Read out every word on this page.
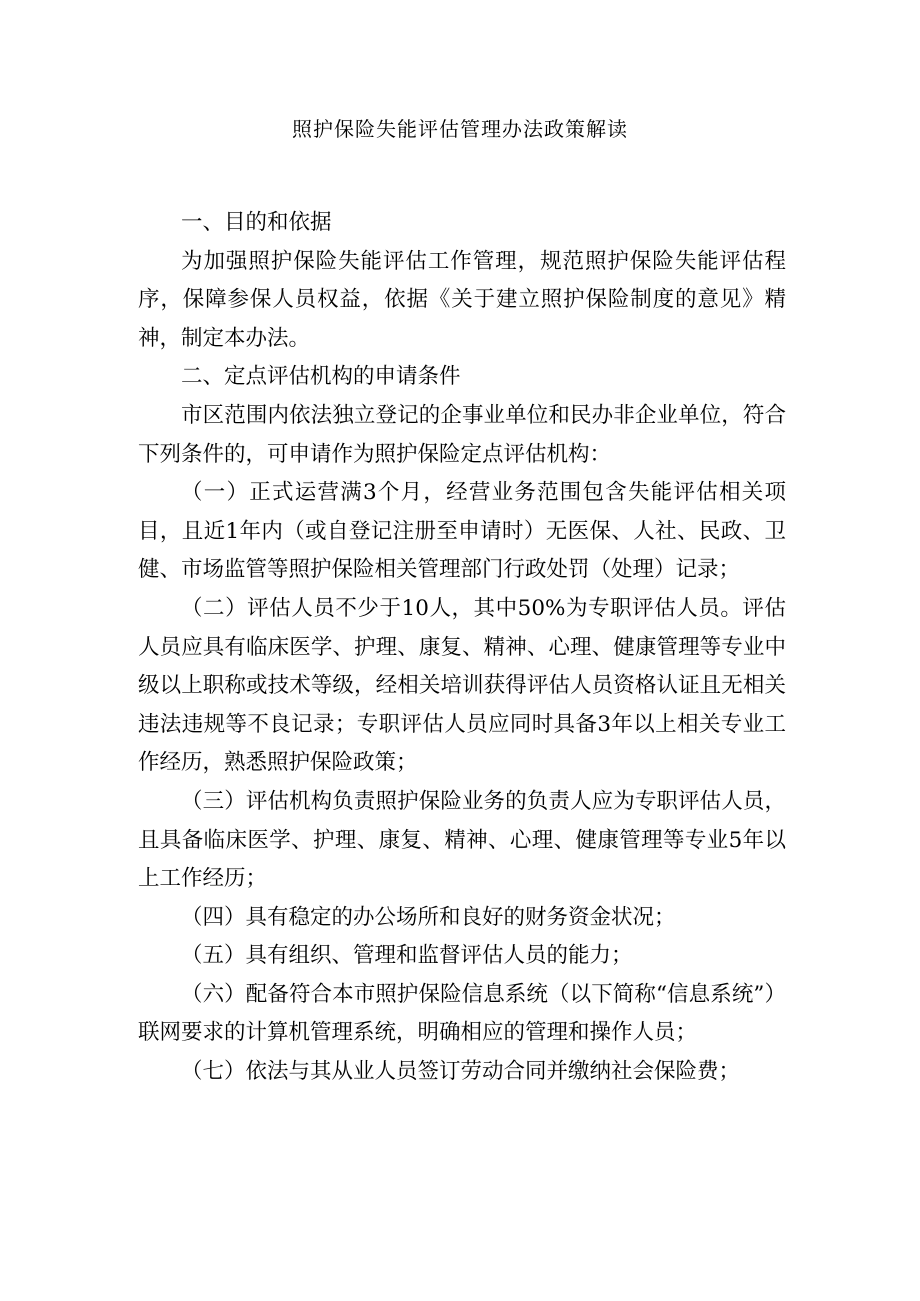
照护保险失能评估管理办法政策解读

一、目的和依据

为加强照护保险失能评估工作管理，规范照护保险失能评估程序，保障参保人员权益，依据《关于建立照护保险制度的意见》精神，制定本办法。

二、定点评估机构的申请条件

市区范围内依法独立登记的企事业单位和民办非企业单位，符合下列条件的，可申请作为照护保险定点评估机构：

（一）正式运营满3个月，经营业务范围包含失能评估相关项目，且近1年内（或自登记注册至申请时）无医保、人社、民政、卫健、市场监管等照护保险相关管理部门行政处罚（处理）记录；

（二）评估人员不少于10人，其中50%为专职评估人员。评估人员应具有临床医学、护理、康复、精神、心理、健康管理等专业中级以上职称或技术等级，经相关培训获得评估人员资格认证且无相关违法违规等不良记录；专职评估人员应同时具备3年以上相关专业工作经历，熟悉照护保险政策；

（三）评估机构负责照护保险业务的负责人应为专职评估人员，且具备临床医学、护理、康复、精神、心理、健康管理等专业5年以上工作经历；

（四）具有稳定的办公场所和良好的财务资金状况；

（五）具有组织、管理和监督评估人员的能力；

（六）配备符合本市照护保险信息系统（以下简称“信息系统”）联网要求的计算机管理系统，明确相应的管理和操作人员；

（七）依法与其从业人员签订劳动合同并缴纳社会保险费；
